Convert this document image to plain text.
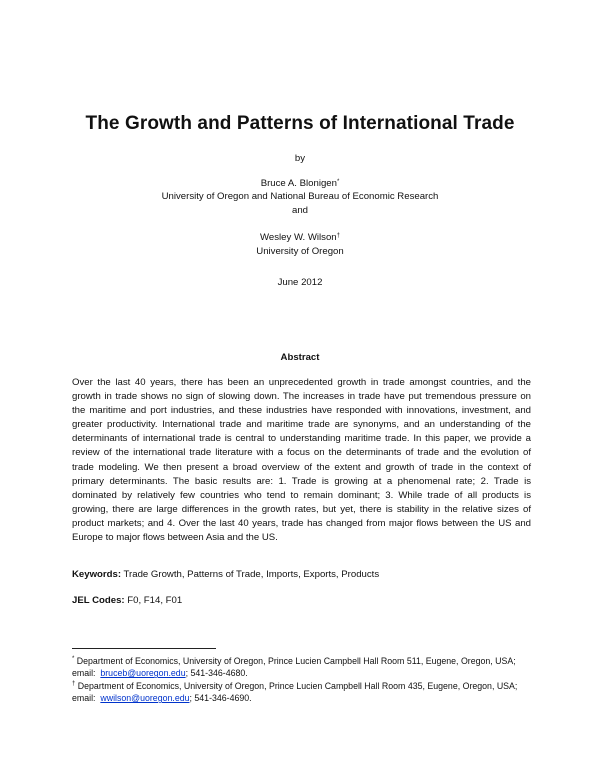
The Growth and Patterns of International Trade
by
Bruce A. Blonigen*
University of Oregon and National Bureau of Economic Research
and
Wesley W. Wilson†
University of Oregon
June 2012
Abstract

Over the last 40 years, there has been an unprecedented growth in trade amongst countries, and the growth in trade shows no sign of slowing down. The increases in trade have put tremendous pressure on the maritime and port industries, and these industries have responded with innovations, investment, and greater productivity. International trade and maritime trade are synonyms, and an understanding of the determinants of international trade is central to understanding maritime trade. In this paper, we provide a review of the international trade literature with a focus on the determinants of trade and the evolution of trade modeling. We then present a broad overview of the extent and growth of trade in the context of primary determinants. The basic results are: 1. Trade is growing at a phenomenal rate; 2. Trade is dominated by relatively few countries who tend to remain dominant; 3. While trade of all products is growing, there are large differences in the growth rates, but yet, there is stability in the relative sizes of product markets; and 4. Over the last 40 years, trade has changed from major flows between the US and Europe to major flows between Asia and the US.

Keywords: Trade Growth, Patterns of Trade, Imports, Exports, Products
JEL Codes: F0, F14, F01
* Department of Economics, University of Oregon, Prince Lucien Campbell Hall Room 511, Eugene, Oregon, USA;
email: bruceb@uoregon.edu; 541-346-4680.
† Department of Economics, University of Oregon, Prince Lucien Campbell Hall Room 435, Eugene, Oregon, USA;
email: wwilson@uoregon.edu; 541-346-4690.
